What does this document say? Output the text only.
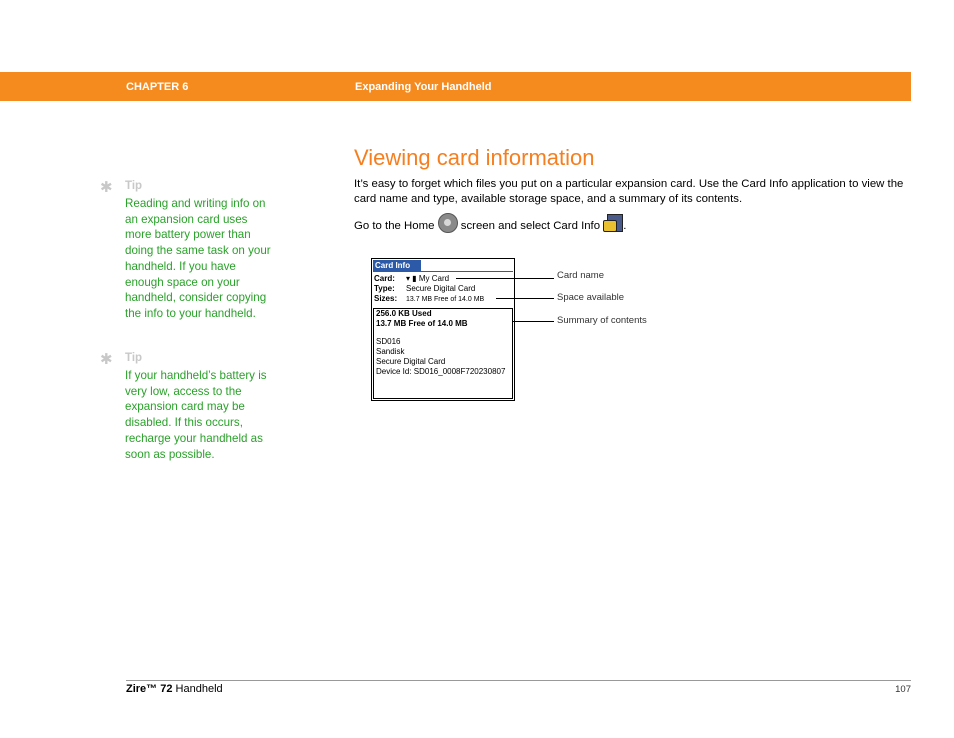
CHAPTER 6	Expanding Your Handheld
✱ Tip
Reading and writing info on an expansion card uses more battery power than doing the same task on your handheld. If you have enough space on your handheld, consider copying the info to your handheld.
✱ Tip
If your handheld’s battery is very low, access to the expansion card may be disabled. If this occurs, recharge your handheld as soon as possible.
Viewing card information
It’s easy to forget which files you put on a particular expansion card. Use the Card Info application to view the card name and type, available storage space, and a summary of its contents.
Go to the Home screen and select Card Info .
Card Info
Card: ▾ ▮ My Card
Type: Secure Digital Card
Sizes: 13.7 MB Free of 14.0 MB
256.0 KB Used
13.7 MB Free of 14.0 MB
SD016
Sandisk
Secure Digital Card
Device Id: SD016_0008F720230807
Card name
Space available
Summary of contents
Zire™ 72 Handheld	107
